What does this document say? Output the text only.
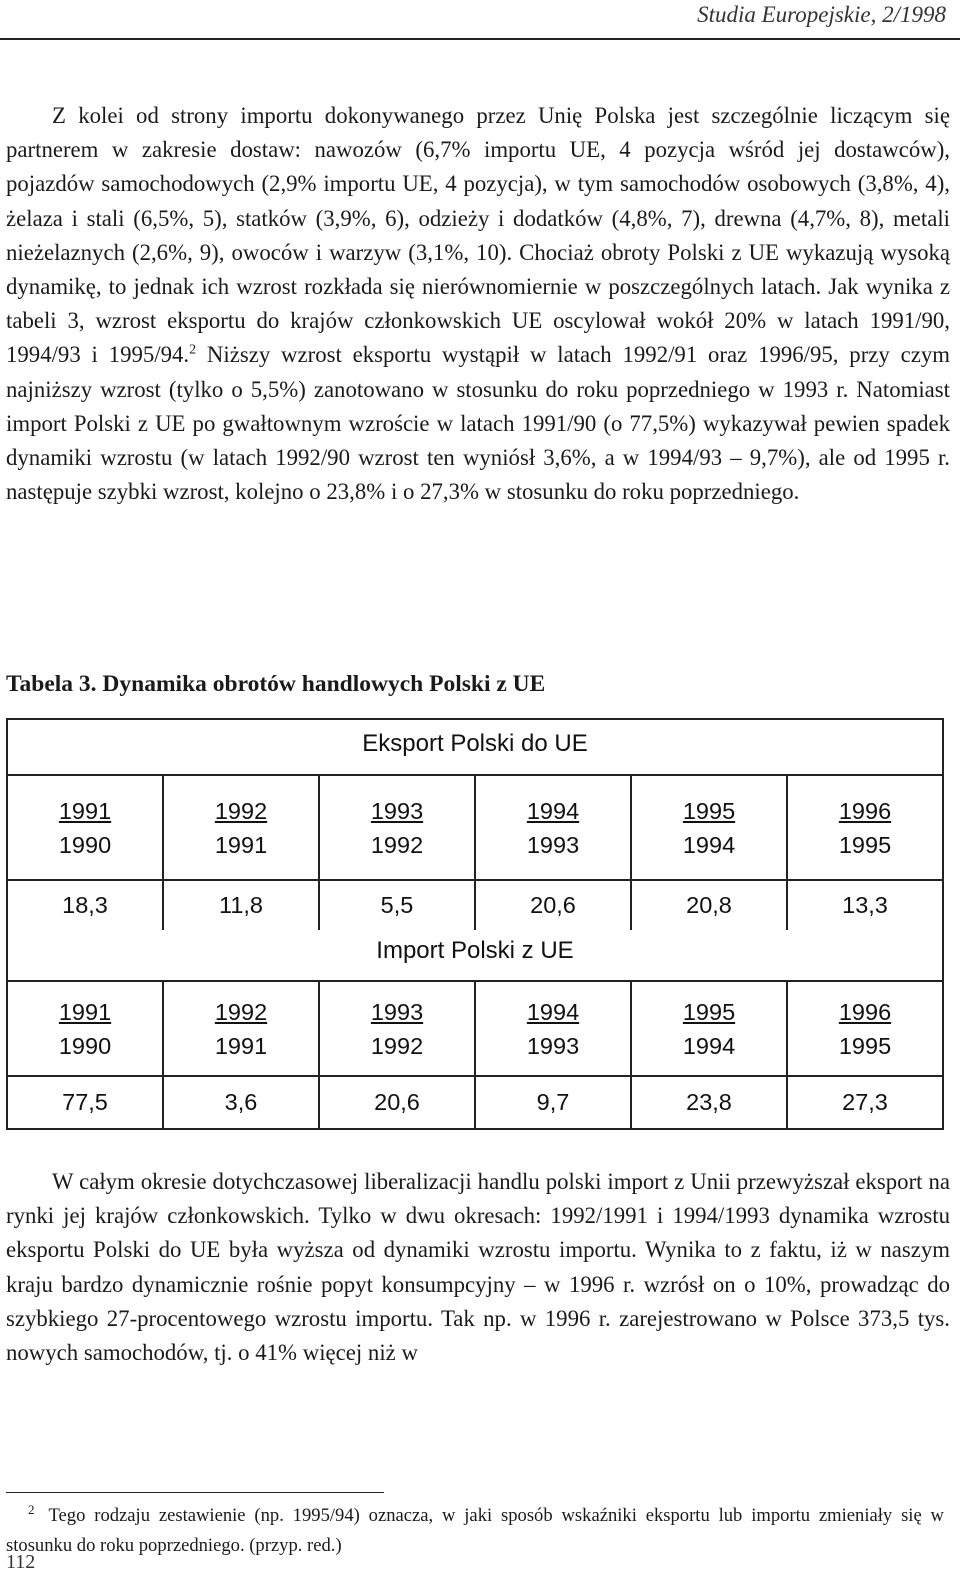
Studia Europejskie, 2/1998

Z kolei od strony importu dokonywanego przez Unię Polska jest szczególnie liczącym się partnerem w zakresie dostaw: nawozów (6,7% importu UE, 4 pozycja wśród jej dostawców), pojazdów samochodowych (2,9% importu UE, 4 pozycja), w tym samochodów osobowych (3,8%, 4), żelaza i stali (6,5%, 5), statków (3,9%, 6), odzieży i dodatków (4,8%, 7), drewna (4,7%, 8), metali nieżelaznych (2,6%, 9), owoców i warzyw (3,1%, 10). Chociaż obroty Polski z UE wykazują wysoką dynamikę, to jednak ich wzrost rozkłada się nierównomiernie w poszczególnych latach. Jak wynika z tabeli 3, wzrost eksportu do krajów członkowskich UE oscylował wokół 20% w latach 1991/90, 1994/93 i 1995/94.$^2$ Niższy wzrost eksportu wystąpił w latach 1992/91 oraz 1996/95, przy czym najniższy wzrost (tylko o 5,5%) zanotowano w stosunku do roku poprzedniego w 1993 r. Natomiast import Polski z UE po gwałtownym wzroście w latach 1991/90 (o 77,5%) wykazywał pewien spadek dynamiki wzrostu (w latach 1992/90 wzrost ten wyniósł 3,6%, a w 1994/93 – 9,7%), ale od 1995 r. następuje szybki wzrost, kolejno o 23,8% i o 27,3% w stosunku do roku poprzedniego.

Tabela 3. Dynamika obrotów handlowych Polski z UE
Eksport Polski do UE
$\frac{1991}{1990} \frac{1992}{1991} \frac{1993}{1992} \frac{1994}{1993} \frac{1995}{1994} \frac{1996}{1995}$
18,3	11,8	5,5	20,6	20,8	13,3
Import Polski z UE
$\frac{1991}{1990} \frac{1992}{1991} \frac{1993}{1992} \frac{1994}{1993} \frac{1995}{1994} \frac{1996}{1995}$
77,5	3,6	20,6	9,7	23,8	27,3

W całym okresie dotychczasowej liberalizacji handlu polski import z Unii przewyższał eksport na rynki jej krajów członkowskich. Tylko w dwu okresach: 1992/1991 i 1994/1993 dynamika wzrostu eksportu Polski do UE była wyższa od dynamiki wzrostu importu. Wynika to z faktu, iż w naszym kraju bardzo dynamicznie rośnie popyt konsumpcyjny – w 1996 r. wzrósł on o 10%, prowadząc do szybkiego 27-procentowego wzrostu importu. Tak np. w 1996 r. zarejestrowano w Polsce 373,5 tys. nowych samochodów, tj. o 41% więcej niż w

$^2$ Tego rodzaju zestawienie (np. 1995/94) oznacza, w jaki sposób wskaźniki eksportu lub importu zmieniały się w stosunku do roku poprzedniego. (przyp. red.)
112
